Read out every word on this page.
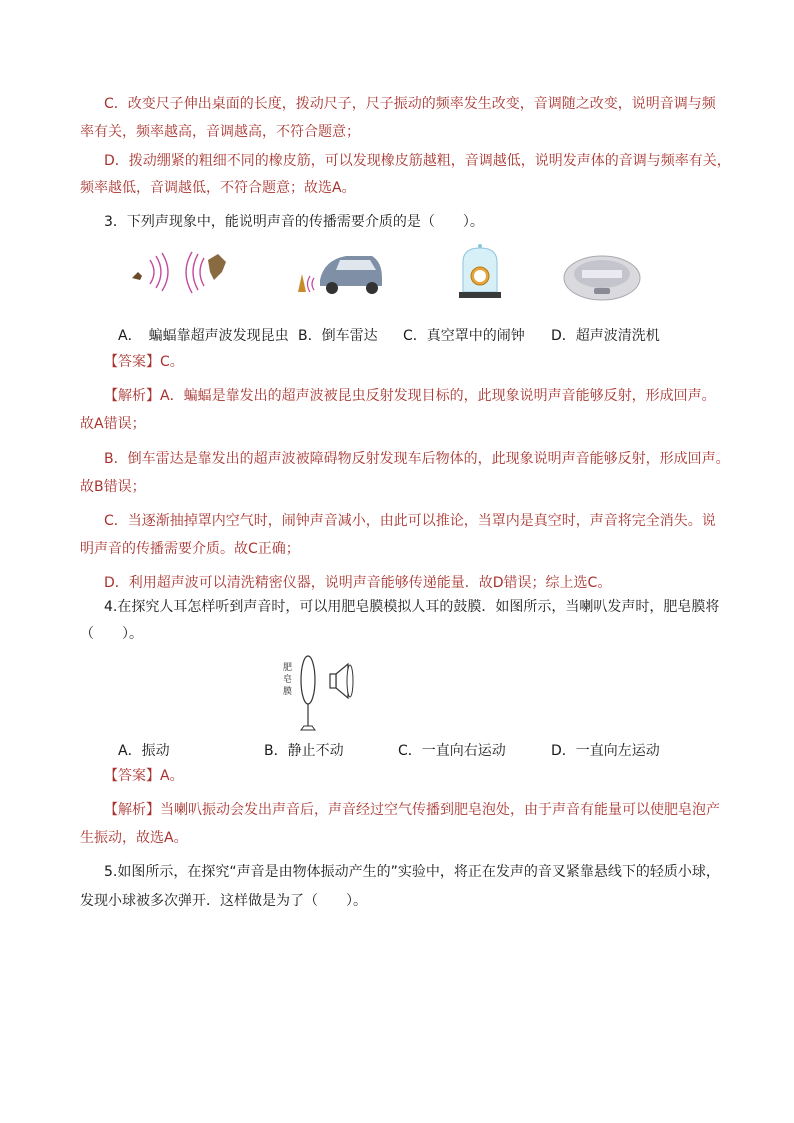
C．改变尺子伸出桌面的长度，拨动尺子，尺子振动的频率发生改变，音调随之改变，说明音调与频
率有关，频率越高，音调越高，不符合题意；
D．拨动绷紧的粗细不同的橡皮筋，可以发现橡皮筋越粗，音调越低，说明发声体的音调与频率有关，
频率越低，音调越低，不符合题意；故选A。
3．下列声现象中，能说明声音的传播需要介质的是（　　）。
A．　蝙蝠靠超声波发现昆虫 B．倒车雷达 C．真空罩中的闹钟 D．超声波清洗机
【答案】C。
【解析】A．蝙蝠是靠发出的超声波被昆虫反射发现目标的，此现象说明声音能够反射，形成回声。
故A错误；
B．倒车雷达是靠发出的超声波被障碍物反射发现车后物体的，此现象说明声音能够反射，形成回声。
故B错误；
C．当逐渐抽掉罩内空气时，闹钟声音减小，由此可以推论，当罩内是真空时，声音将完全消失。说
明声音的传播需要介质。故C正确；
D．利用超声波可以清洗精密仪器，说明声音能够传递能量．故D错误；综上选C。
4.在探究人耳怎样听到声音时，可以用肥皂膜模拟人耳的鼓膜．如图所示，当喇叭发声时，肥皂膜将
（　　）。
肥皂膜
A．振动	B．静止不动	C．一直向右运动	D．一直向左运动
【答案】A。
【解析】当喇叭振动会发出声音后，声音经过空气传播到肥皂泡处，由于声音有能量可以使肥皂泡产
生振动，故选A。
5.如图所示，在探究“声音是由物体振动产生的”实验中，将正在发声的音叉紧靠悬线下的轻质小球，
发现小球被多次弹开．这样做是为了（　　）。
